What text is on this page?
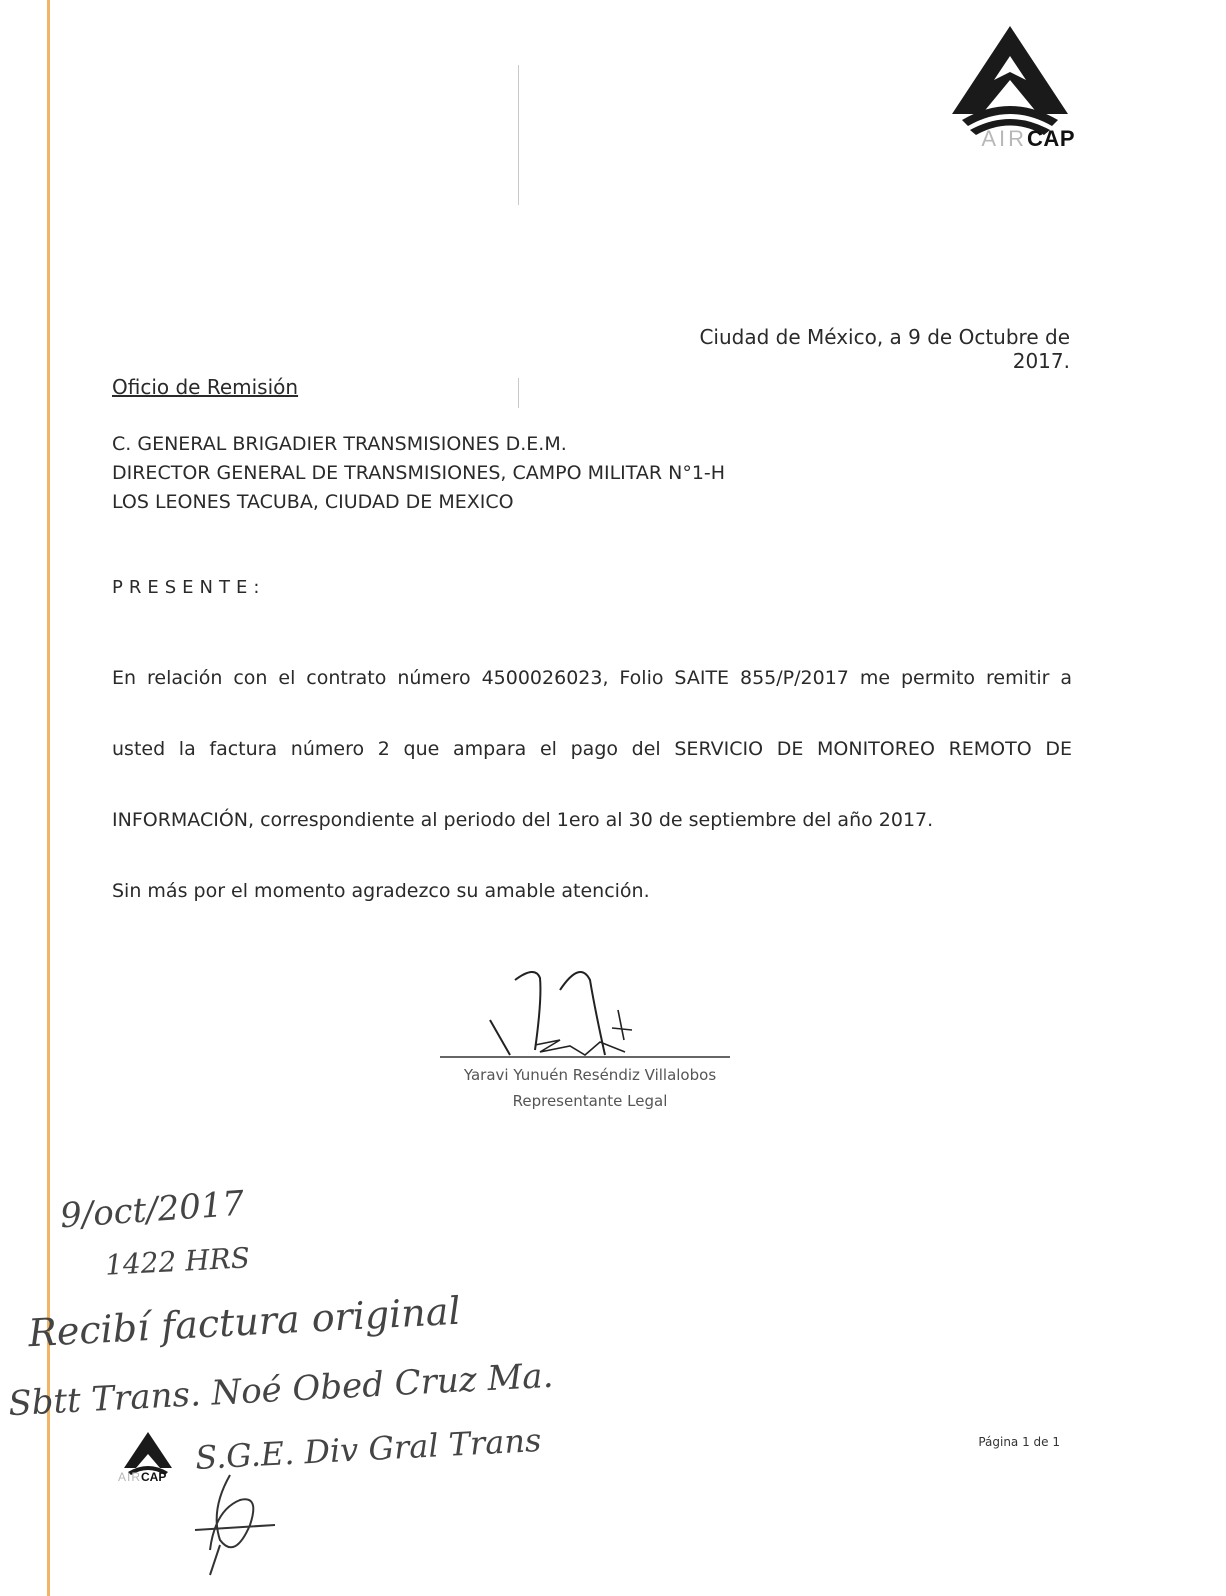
AIRCAP
Ciudad de México, a 9 de Octubre de 2017.
Oficio de Remisión
C. GENERAL BRIGADIER TRANSMISIONES D.E.M.
DIRECTOR GENERAL DE TRANSMISIONES, CAMPO MILITAR N°1-H
LOS LEONES TACUBA, CIUDAD DE MEXICO
PRESENTE:
En relación con el contrato número 4500026023, Folio SAITE 855/P/2017 me permito remitir a
usted la factura número 2 que ampara el pago del SERVICIO DE MONITOREO REMOTO DE
INFORMACIÓN, correspondiente al periodo del 1ero al 30 de septiembre del año 2017.
Sin más por el momento agradezco su amable atención.
Yaravi Yunuén Reséndiz Villalobos
Representante Legal
9/oct/2017
1422 HRS
Recibí factura original
Sbtt Trans. Noé Obed Cruz Ma.
S.G.E. Div Gral Trans
AIRCAP
Página 1 de 1
